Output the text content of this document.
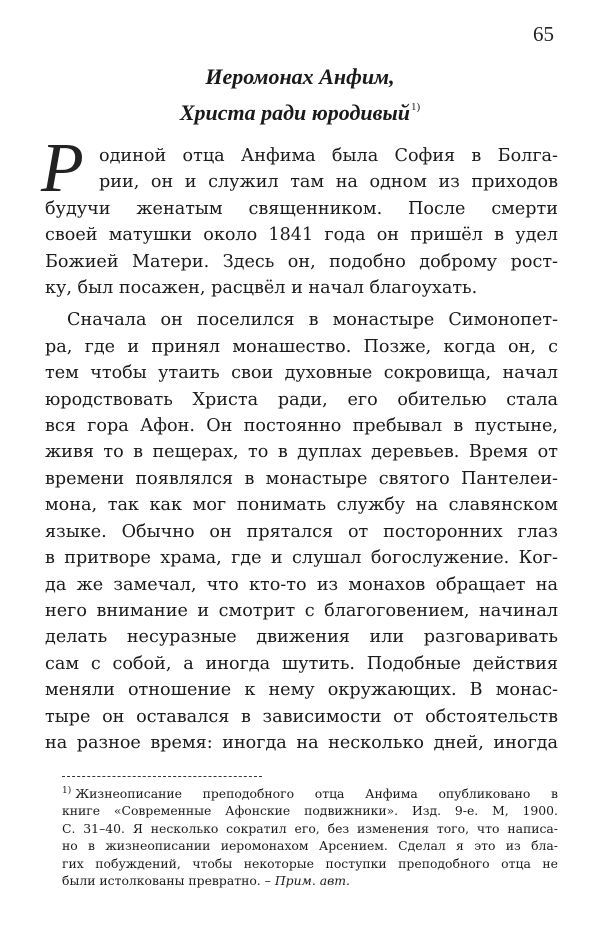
65
Иеромонах Анфим,
Христа ради юродивый$^{1)}$
Р одиной отца Анфима была София в Болга-
рии, он и служил там на одном из приходов
будучи женатым священником. После смерти
своей матушки около 1841 года он пришёл в удел
Божией Матери. Здесь он, подобно доброму рост-
ку, был посажен, расцвёл и начал благоухать.
Сначала он поселился в монастыре Симонопет-
ра, где и принял монашество. Позже, когда он, с
тем чтобы утаить свои духовные сокровища, начал
юродствовать Христа ради, его обителью стала
вся гора Афон. Он постоянно пребывал в пустыне,
живя то в пещерах, то в дуплах деревьев. Время от
времени появлялся в монастыре святого Пантелеи-
мона, так как мог понимать службу на славянском
языке. Обычно он прятался от посторонних глаз
в притворе храма, где и слушал богослужение. Ког-
да же замечал, что кто-то из монахов обращает на
него внимание и смотрит с благоговением, начинал
делать несуразные движения или разговаривать
сам с собой, а иногда шутить. Подобные действия
меняли отношение к нему окружающих. В монас-
тыре он оставался в зависимости от обстоятельств
на разное время: иногда на несколько дней, иногда
$^{1)}$ Жизнеописание преподобного отца Анфима опубликовано в
книге «Современные Афонские подвижники». Изд. 9-е. М, 1900.
С. 31–40. Я несколько сократил его, без изменения того, что написа-
но в жизнеописании иеромонахом Арсением. Сделал я это из бла-
гих побуждений, чтобы некоторые поступки преподобного отца не
были истолкованы превратно. – Прим. авт.
